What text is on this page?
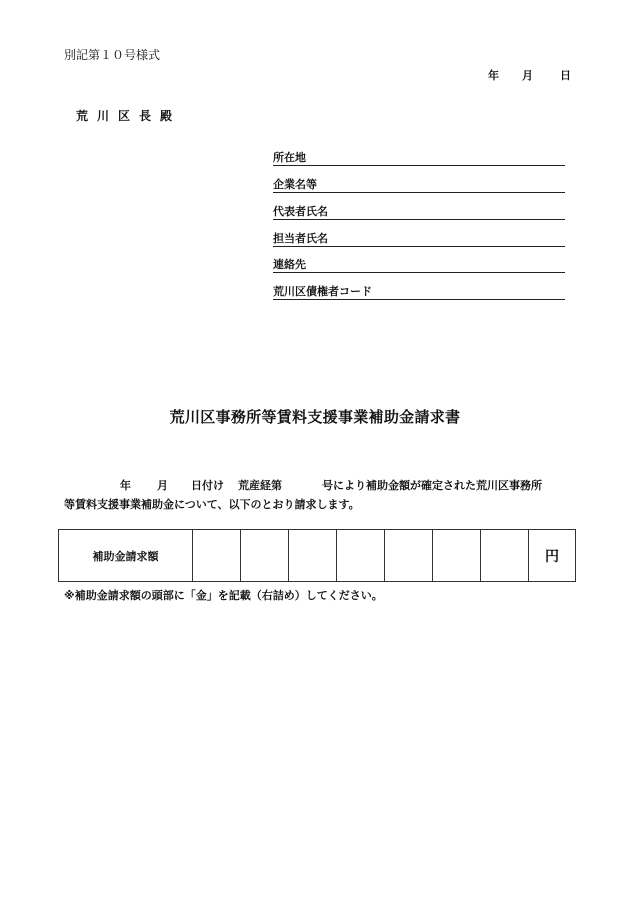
別記第１０号様式
年 月 日
荒川区長殿
所在地
企業名等
代表者氏名
担当者氏名
連絡先
荒川区債権者コード
荒川区事務所等賃料支援事業補助金請求書
年 月 日付け 荒産経第	号により補助金額が確定された荒川区事務所
等賃料支援事業補助金について、以下のとおり請求します。
補助金請求額								円
※補助金請求額の頭部に「金」を記載（右詰め）してください。
